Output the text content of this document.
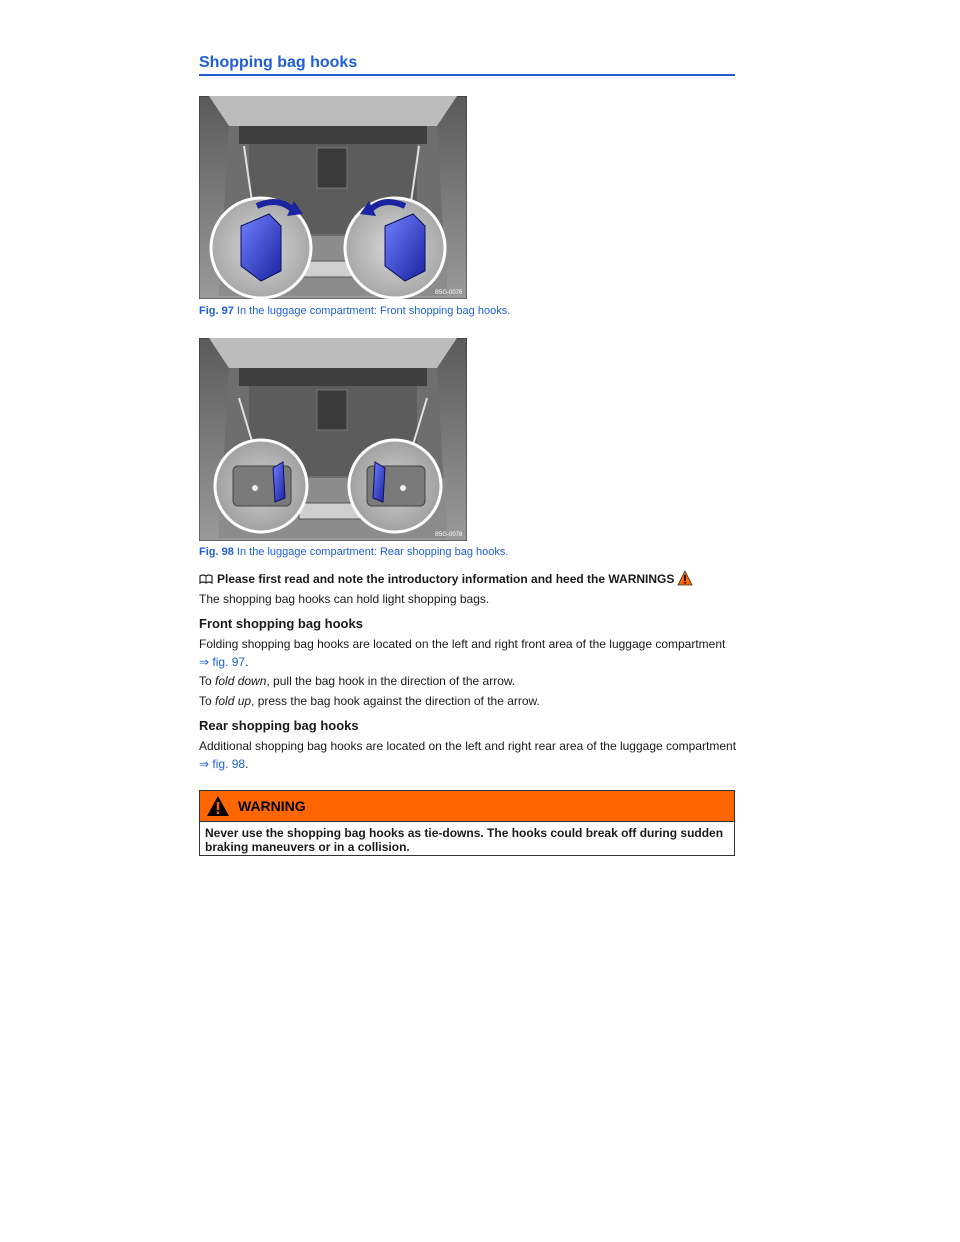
Shopping bag hooks
B5G-0076
Fig. 97 In the luggage compartment: Front shopping bag hooks.
B5G-0078
Fig. 98 In the luggage compartment: Rear shopping bag hooks.
Please first read and note the introductory information and heed the WARNINGS
The shopping bag hooks can hold light shopping bags.
Front shopping bag hooks
Folding shopping bag hooks are located on the left and right front area of the luggage compartment
⇒ fig. 97.
To fold down, pull the bag hook in the direction of the arrow.
To fold up, press the bag hook against the direction of the arrow.
Rear shopping bag hooks
Additional shopping bag hooks are located on the left and right rear area of the luggage compartment
⇒ fig. 98.
WARNING
Never use the shopping bag hooks as tie-downs. The hooks could break off during sudden braking maneuvers or in a collision.
